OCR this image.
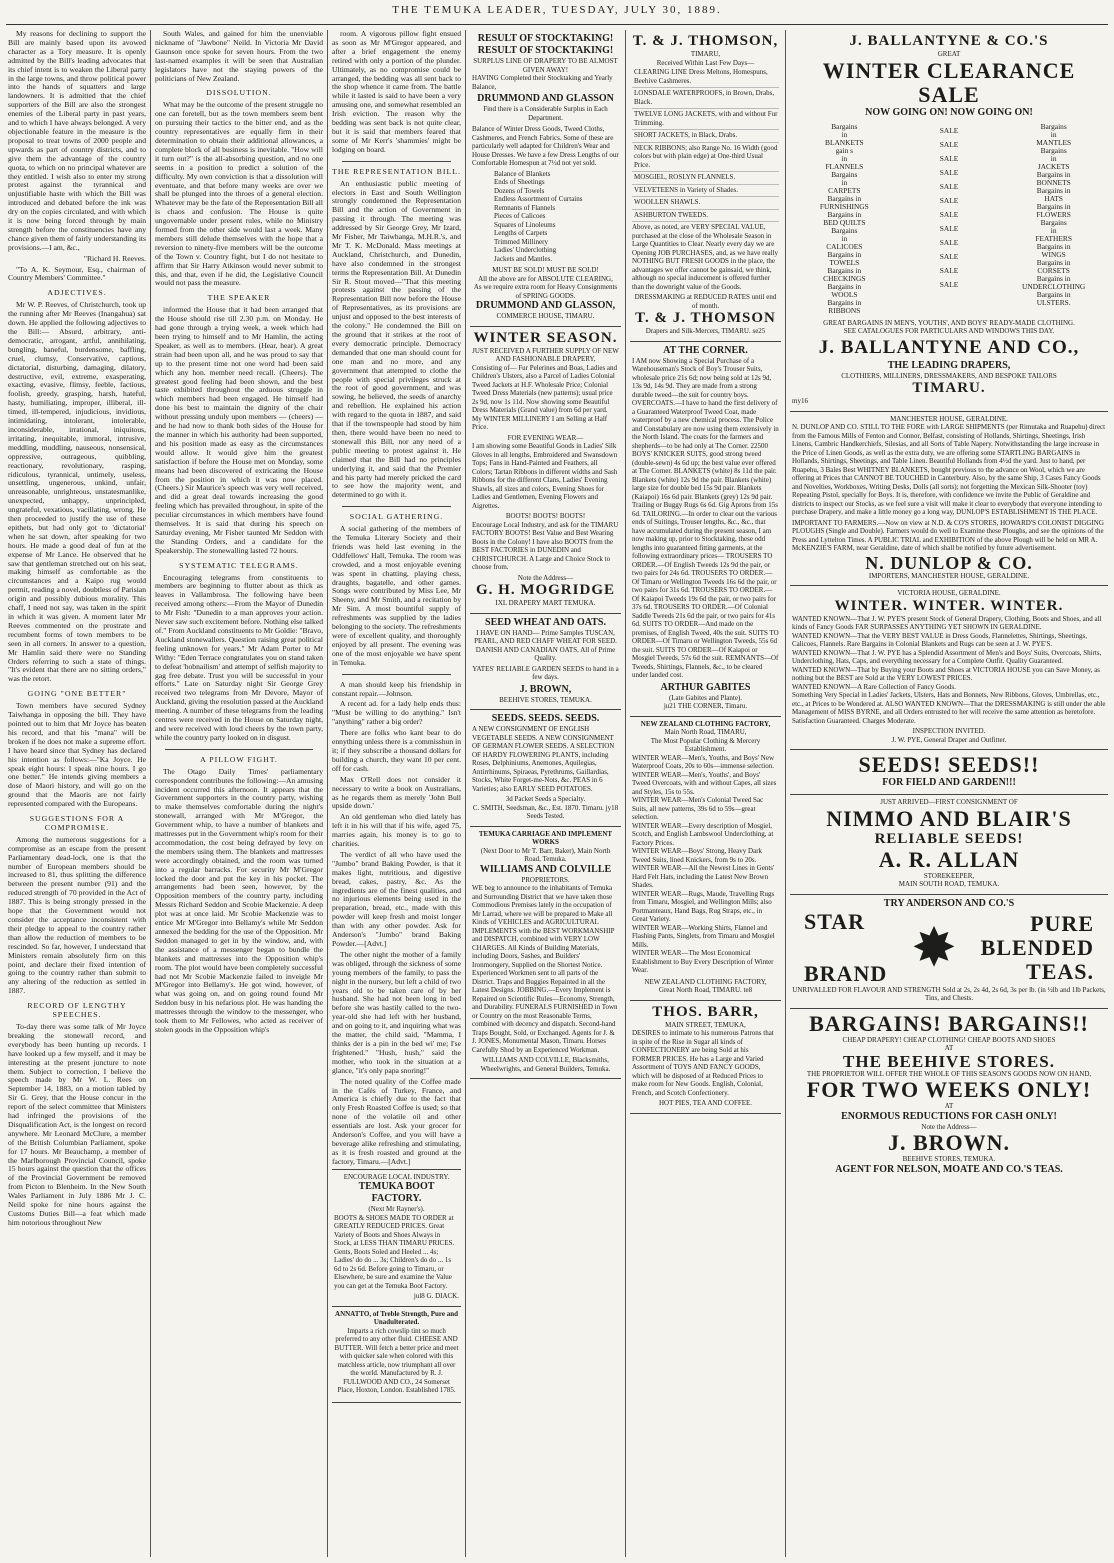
THE TEMUKA LEADER, TUESDAY, JULY 30, 1889.

My reasons for declining to support the Bill are mainly based upon its avowed character as a Tory measure. It is openly admitted by the Bill's leading advocates that its chief intent is to weaken the Liberal party in the large towns, and throw political power into the hands of squatters and large landowners. It is admitted that the chief supporters of the Bill are also the strongest enemies of the Liberal party in past years, and to which I have always belonged. A very objectionable feature in the measure is the proposal to treat towns of 2000 people and upwards as part of country districts, and to give them the advantage of the country quota, to which on no principal whatever are they entitled. I wish also to enter my strong protest against the tyrannical and unjustifiable haste with which the Bill was introduced and debated before the ink was dry on the copies circulated, and with which it is now being forced through by main strength before the constituencies have any chance given them of fairly understanding its provisions.—I am, &c.,

"Richard H. Reeves.

"To A. K. Seymour, Esq., chairman of Country Members' Committee."

ADJECTIVES.

Mr W. P. Reeves, of Christchurch, took up the running after Mr Reeves (Inangahua) sat down. He applied the following adjectives to the Bill:— Absurd, arbitrary, anti-democratic, arrogant, artful, annihilating, bungling, baneful, burdensome, baffling, cruel, clumsy, Conservative, captious, dictatorial, disturbing, damaging, dilatory, destructive, evil, extreme, exasperating, exacting, evasive, flimsy, feeble, factious, foolish, greedy, grasping, harsh, hateful, hasty, humiliating, improper, illiberal, ill-timed, ill-tempered, injudicious, invidious, intimidating, intolerant, intolerable, inconsiderable, irrational, iniquitous, irritating, inequitable, immoral, intrusive, meddling, muddling, nauseous, nonsensical, oppressive, outrageous, quibbling, reactionary, revolutionary, rasping, ridiculous, tyrannical, untimely, useless, unsettling, ungenerous, unkind, unfair, unreasonable, unrighteous, unstatesmanlike, unexpected, unhappy, unprincipled, ungrateful, vexatious, vacillating, wrong. He then proceeded to justify the use of these epithets, but had only got to 'dictatorial' when he sat down, after speaking for two hours. He made a good deal of fun at the expense of Mr Lance. He observed that he saw that gentleman stretched out on his seat, making himself as comfortable as the circumstances and a Kaipo rug would permit, reading a novel, doubtless of Parisian origin and possibly dubious morality. This chaff, I need not say, was taken in the spirit in which it was given. A moment later Mr Reeves commented on the prostrate and recumbent forms of town members to be seen in all corners. In answer to a question, Mr Hamlin said there were no Standing Orders referring to such a state of things. "It's evident that there are no sitting orders," was the retort.

GOING "ONE BETTER"

Town members have secured Sydney Taiwhanga in opposing the bill. They have pointed out to him that Mr Joyce has beaten his record, and that his "mana" will be broken if he does not make a supreme effort. I have heard since that Sydney has declared his intention as follows:—"Ka Joyce. He speak eight hours: I speak nine hours. I go one better." He intends giving members a dose of Maori history, and will go on the ground that the Maoris are not fairly represented compared with the Europeans.

SUGGESTIONS FOR A COMPROMISE.

Among the numerous suggestions for a compromise as an escape from the present Parliamentary dead-lock, one is that the number of European members should be increased to 81, thus splitting the difference between the present number (91) and the reduced strength of 70 provided in the Act of 1887. This is being strongly pressed in the hope that the Government would not consider the acceptance inconsistent with their pledge to appeal to the country rather than allow the reduction of members to be rescinded. So far, however, I understand that Ministers remain absolutely firm on this point, and declare their fixed intention of going to the country rather than submit to any altering of the reduction as settled in 1887.

RECORD OF LENGTHY SPEECHES.

To-day there was some talk of Mr Joyce breaking the stonewall record, and everybody has been hunting up records. I have looked up a few myself, and it may be interesting at the present juncture to note them. Subject to correction, I believe the speech made by Mr W. L. Rees on September 14, 1883, on a motion tabled by Sir G. Grey, that the House concur in the report of the select committee that Ministers had infringed the provisions of the Disqualification Act, is the longest on record anywhere. Mr Leonard McClure, a member of the British Columbian Parliament, spoke for 17 hours. Mr Beauchamp, a member of the Marlborough Provincial Council, spoke 15 hours against the question that the offices of the Provincial Government be removed from Picton to Blenheim. In the New South Wales Parliament in July 1886 Mr J. C. Neild spoke for nine hours against the Customs Duties Bill—a feat which made him notorious throughout New

South Wales, and gained for him the unenviable nickname of "Jawbone" Neild. In Victoria Mr David Gaunson once spoke for seven hours. From the two last-named examples it will be seen that Australian legislators have not the staying powers of the politicians of New Zealand.

DISSOLUTION.

What may be the outcome of the present struggle no one can foretell, but as the town members seem bent on pursuing their tactics to the bitter end, and as the country representatives are equally firm in their determination to obtain their additional allowances, a complete block of all business is inevitable. "How will it turn out?" is the all-absorbing question, and no one seems in a position to predict a solution of the difficulty. My own conviction is that a dissolution will eventuate, and that before many weeks are over we shall be plunged into the throes of a general election. Whatever may be the fate of the Representation Bill all is chaos and confusion. The House is quite ungovernable under present rules, while no Ministry formed from the other side would last a week. Many members still delude themselves with the hope that a reversion to ninety-five members will be the outcome of the Town v. Country fight, but I do not hesitate to affirm that Sir Harry Atkinson would never submit to this, and that, even if he did, the Legislative Council would not pass the measure.

THE SPEAKER

informed the House that it had been arranged that the House should rise till 2.30 p.m. on Monday. He had gone through a trying week, a week which had been trying to himself and to Mr Hamlin, the acting Speaker, as well as to members. (Hear, hear). A great strain had been upon all, and he was proud to say that up to the present time not one word had been said which any hon. member need recall. (Cheers). The greatest good feeling had been shown, and the best taste exhibited throughout the arduous struggle in which members had been engaged. He himself had done his best to maintain the dignity of the chair without pressing unduly upon members — (cheers) — and he had now to thank both sides of the House for the manner in which his authority had been supported, and his position made as easy as the circumstances would allow. It would give him the greatest satisfaction if before the House met on Monday, some means had been discovered of extricating the House from the position in which it was now placed. (Cheers.) Sir Maurice's speech was very well received, and did a great deal towards increasing the good feeling which has prevailed throughout, in spite of the peculiar circumstances in which members have found themselves. It is said that during his speech on Saturday evening, Mr Fisher taunted Mr Seddon with the Standing Orders, and a candidate for the Speakership. The stonewalling lasted 72 hours.

SYSTEMATIC TELEGRAMS.

Encouraging telegrams from constituents to members are beginning to flutter about as thick as leaves in Vallambrosa. The following have been received among others:—From the Mayor of Dunedin to Mr Fish: "Dunedin to a man approves your action. Never saw such excitement before. Nothing else talked of." From Auckland constituents to Mr Goldie: "Bravo, Auckland stonewallers. Question raising great political feeling unknown for years." Mr Adam Porter to Mr Withy: "Eden Terrace congratulates you on stand taken to defeat 'hobnailism' and attempt of selfish majority to gag free debate. Trust you will be successful in your efforts." Late on Saturday night Sir George Grey received two telegrams from Mr Devore, Mayor of Auckland, giving the resolution passed at the Auckland meeting. A number of these telegrams from the leading centres were received in the House on Saturday night, and were received with loud cheers by the town party, while the country party looked on in disgust.

A PILLOW FIGHT.

The Otago Daily Times' parliamentary correspondent contributes the following:—An amusing incident occurred this afternoon. It appears that the Government supporters in the country party, wishing to make themselves comfortable during the night's stonewall, arranged with Mr M'Gregor, the Government whip, to have a number of blankets and mattresses put in the Government whip's room for their accommodation, the cost being defrayed by levy on the members using them. The blankets and mattresses were accordingly obtained, and the room was turned into a regular barracks. For security Mr M'Gregor locked the door and put the key in his pocket. The arrangements had been seen, however, by the Opposition members of the country party, including Messrs Richard Seddon and Scobie Mackenzie. A deep plot was at once laid. Mr Scobie Mackenzie was to entice Mr M'Gregor into Bellamy's while Mr Seddon annexed the bedding for the use of the Opposition. Mr Seddon managed to get in by the window, and, with the assistance of a messenger began to bundle the blankets and mattresses into the Opposition whip's room. The plot would have been completely successful had not Mr Scobie Mackenzie failed to inveigle Mr M'Gregor into Bellamy's. He got wind, however, of what was going on, and on going round found Mr Seddon busy in his nefarious plot. He was handing the mattresses through the window to the messenger, who took them to Mr Fellowes, who acted as receiver of stolen goods in the Opposition whip's

room. A vigorous pillow fight ensued as soon as Mr M'Gregor appeared, and after a brief engagement the enemy retired with only a portion of the plunder. Ultimately, as no compromise could be arranged, the bedding was all sent back to the shop whence it came from. The battle while it lasted is said to have been a very amusing one, and somewhat resembled an Irish eviction. The reason why the bedding was sent back is not quite clear, but it is said that members feared that some of Mr Kerr's 'shammies' might be lodging on board.

THE REPRESENTATION BILL.

An enthusiastic public meeting of electors in East and South Wellington strongly condemned the Representation Bill and the action of Government in passing it through. The meeting was addressed by Sir George Grey, Mr Izard, Mr Fisher, Mr Taiwhanga, M.H.R.'s, and Mr T. K. McDonald. Mass meetings at Auckland, Christchurch, and Dunedin, have also condemned in the strongest terms the Representation Bill. At Dunedin Sir R. Stout moved—"That this meeting protests against the passing of the Representation Bill now before the House of Representatives, as its provisions are unjust and opposed to the best interests of the colony." He condemned the Bill on the ground that it strikes at the root of every democratic principle. Democracy demanded that one man should count for one man and no more, and any government that attempted to clothe the people with special privileges struck at the root of good government, and was sowing, he believed, the seeds of anarchy and rebellion. He explained his action with regard to the quota in 1887, and said that if the townspeople had stood by him then, there would have been no need to stonewall this Bill, nor any need of a public meeting to protest against it. He claimed that the Bill had no principles underlying it, and said that the Premier and his party had merely pricked the card to see how the majority went, and determined to go with it.

SOCIAL GATHERING.

A social gathering of the members of the Temuka Literary Society and their friends was held last evening in the Oddfellows' Hall, Temuka. The room was crowded, and a most enjoyable evening was spent in chatting, playing chess, draughts, bagatelle, and other games. Songs were contributed by Miss Lee, Mr Sheeny, and Mr Smith, and a recitation by Mr Sim. A most bountiful supply of refreshments was supplied by the ladies belonging to the society. The refreshments were of excellent quality, and thoroughly enjoyed by all present. The evening was one of the most enjoyable we have spent in Temuka.

A man should keep his friendship in constant repair.—Johnson.

A recent ad. for a lady help ends thus: "Must be willing to do anything." Isn't "anything" rather a big order?

There are folks who kant bear to do ennything unless there is a commisshun in it; if they subscribe a thousand dollars for building a church, they want 10 per cent. off for cash.

Max O'Rell does not consider it necessary to write a book on Australians, as he regards them as merely 'John Bull upside down.'

An old gentleman who died lately has left it in his will that if his wife, aged 75, marries again, his money is to go to charities.

The verdict of all who have used the "Jumbo" brand Baking Powder, is that it makes light, nutritious, and digestive bread, cakes, pastry, &c. As the ingredients are of the finest qualities, and no injurious elements being used in the preparation, bread, etc., made with this powder will keep fresh and moist longer than with any other powder. Ask for Anderson's "Jumbo" brand Baking Powder.—[Advt.]

The other night the mother of a family was obliged, through the sickness of some young members of the family, to pass the night in the nursery, but left a child of two years old to be taken care of by her husband. She had not been long in bed before she was hastily called to the two-year-old she had left with her husband, and on going to it, and inquiring what was the matter, the child said, "Mamma, I thinks der is a pin in the bed wi' me; I'se frightened." "Hush, hush," said the mother, who took in the situation at a glance, "it's only papa snoring!"

The noted quality of the Coffee made in the Cafés of Turkey, France, and America is chiefly due to the fact that only Fresh Roasted Coffee is used; so that none of the volatile oil and other essentials are lost. Ask your grocer for Anderson's Coffee, and you will have a beverage alike refreshing and stimulating, as it is fresh roasted and ground at the factory, Timaru.—[Advt.]

ENCOURAGE LOCAL INDUSTRY.
TEMUKA BOOT FACTORY.
(Next Mr Rayner's).

BOOTS & SHOES MADE TO ORDER at GREATLY REDUCED PRICES. Great Variety of Boots and Shoes Always in Stock, at LESS THAN TIMARU PRICES. Gents, Boots Soled and Heeled ... 4s; Ladies' do do ... 3s; Children's do do ... 1s 6d to 2s 6d. Before going to Timaru, or Elsewhere, be sure and examine the Value you can get at the Temuka Boot Factory.

jul8 G. DIACK.
ANNATTO, of Treble Strength, Pure and Unadulterated.

Imparts a rich cowslip tint so much preferred to any other fluid. CHEESE AND BUTTER. Will fetch a better price and meet with quicker sale when colored with this matchless article, now triumphant all over the world. Manufactured by R. J. FULLWOOD AND CO., 24 Somerset Place, Hoxton, London. Established 1785.

RESULT OF STOCKTAKING!
RESULT OF STOCKTAKING!
SURPLUS LINE OF DRAPERY TO BE ALMOST GIVEN AWAY!

HAVING Completed their Stocktaking and Yearly Balance,

DRUMMOND AND GLASSON
Find there is a Considerable Surplus in Each Department.

Balance of Winter Dress Goods, Tweed Cloths, Cashmeres, and French Fabrics. Some of these are particularly well adapted for Children's Wear and House Dresses. We have a few Dress Lengths of our Comfortable Homespun at 7½d not yet sold.

Balance of Blankets
Ends of Sheetings
Dozens of Towels
Endless Assortment of Curtains
Remnants of Flannels
Pieces of Calicoes
Squares of Linoleums
Lengths of Carpets
Trimmed Millinery
Ladies' Underclothing
Jackets and Mantles.
MUST BE SOLD! MUST BE SOLD!
All the above are for ABSOLUTE CLEARING,
As we require extra room for Heavy Consignments of SPRING GOODS.
DRUMMOND AND GLASSON,
COMMERCE HOUSE, TIMARU.
WINTER SEASON.
JUST RECEIVED A FURTHER SUPPLY OF NEW AND FASHIONABLE DRAPERY,

Consisting of— Fur Pelerines and Boas, Ladies and Children's Ulsters, also a Parcel of Ladies Colonial Tweed Jackets at H.F. Wholesale Price; Colonial Tweed Dress Materials (new patterns); usual price 2s 9d, now 1s 11d. Now showing some Beautiful Dress Materials (Grand value) from 6d per yard. My WINTER MILLINERY I am Selling at Half Price.

FOR EVENING WEAR—

I am showing some Beautiful Goods in Ladies' Silk Gloves in all lengths, Embroidered and Swansdown Tops; Fans in Hand-Painted and Feathers, all Colors; Tartan Ribbons in different widths and Sash Ribbons for the different Clans, Ladies' Evening Shawls, all sizes and colors, Evening Shoes for Ladies and Gentlemen, Evening Flowers and Aigrettes.

BOOTS! BOOTS! BOOTS!

Encourage Local Industry, and ask for the TIMARU FACTORY BOOTS! Best Value and Best Wearing Boots in the Colony! I have also BOOTS from the BEST FACTORIES in DUNEDIN and CHRISTCHURCH. A Large and Choice Stock to choose from.

Note the Address—
G. H. MOGRIDGE
IXL DRAPERY MART TEMUKA.
SEED WHEAT AND OATS.

I HAVE ON HAND— Prime Samples TUSCAN, PEARL, AND RED CHAFF WHEAT FOR SEED. DANISH AND CANADIAN OATS, All of Prime Quality.

YATES' RELIABLE GARDEN SEEDS to hand in a few days.

J. BROWN,
BEEHIVE STORES, TEMUKA.
SEEDS. SEEDS. SEEDS.

A NEW CONSIGNMENT OF ENGLISH VEGETABLE SEEDS. A NEW CONSIGNMENT OF GERMAN FLOWER SEEDS. A SELECTION OF HARDY FLOWERING PLANTS, including Roses, Delphiniums, Anemones, Aquilegias, Antirrhinums, Spiraeas, Pyrethrums, Gaillardias, Stocks, White Forget-me-Nots, &c. PEAS in 6 Varieties; also EARLY SEED POTATOES.

3d Packet Seeds a Specialty.
C. SMITH, Seedsman, &c., Est. 1870. Timaru. jy18 Seeds Tested.
TEMUKA CARRIAGE AND IMPLEMENT WORKS
(Next Door to Mr T. Barr, Baker), Main North Road, Temuka.
WILLIAMS AND COLVILLE
PROPRIETORS.

WE beg to announce to the inhabitants of Temuka and Surrounding District that we have taken those Commodious Premises lately in the occupation of Mr Larrad, where we will be prepared to Make all Kinds of VEHICLES and AGRICULTURAL IMPLEMENTS with the BEST WORKMANSHIP and DISPATCH, combined with VERY LOW CHARGES. All Kinds of Building Materials, including Doors, Sashes, and Builders' Ironmongery, Supplied on the Shortest Notice. Experienced Workmen sent to all parts of the District. Traps and Buggies Repainted in all the Latest Designs. JOBBING.—Every Implement is Repaired on Scientific Rules—Economy, Strength, and Durability. FUNERALS FURNISHED in Town or Country on the most Reasonable Terms, combined with decency and dispatch. Second-hand Traps Bought, Sold, or Exchanged. Agents for J. & J. JONES, Monumental Mason, Timaru. Horses Carefully Shod by an Experienced Workman.

WILLIAMS AND COLVILLE, Blacksmiths, Wheelwrights, and General Builders, Temuka.
T. & J. THOMSON,
TIMARU,
Received Within Last Few Days—
CLEARING LINE Dress Meltons, Homespuns, Beehive Cashmeres.
LONSDALE WATERPROOFS, in Brown, Drabs, Black.
TWELVE LONG JACKETS, with and without Fur Trimming.
SHORT JACKETS, in Black, Drabs.
NECK RIBBONS; also Range No. 16 Width (good colors but with plain edge) at One-third Usual Price.
MOSGIEL, ROSLYN FLANNELS.
VELVETEENS in Variety of Shades.
WOOLLEN SHAWLS.
ASHBURTON TWEEDS.

Above, as noted, are VERY SPECIAL VALUE, purchased at the close of the Wholesale Season in Large Quantities to Clear. Nearly every day we are Opening JOB PURCHASES, and, as we have really NOTHING BUT FRESH GOODS in the place, the advantages we offer cannot be gainsaid, we think, although no special inducement is offered further than the downright value of the Goods.

DRESSMAKING at REDUCED RATES until end of month.
T. & J. THOMSON
Drapers and Silk-Mercers, TIMARU. se25
AT THE CORNER.

I AM now Showing a Special Purchase of a Warehouseman's Stock of Boy's Trouser Suits, wholesale price 21s 6d; now being sold at 12s 9d, 13s 9d, 14s 9d. They are made from a strong durable tweed—the suit for country boys. OVERCOATS.—I have to hand the first delivery of a Guaranteed Waterproof Tweed Coat, made waterproof by a new chemical process. The Police and Constabulary are now using them extensively in the North Island. The coats for the farmers and shepherds—to be had only at The Corner. 22500 BOYS' KNICKER SUITS, good strong tweed (double-sewn) 4s 6d up; the best value ever offered at The Corner. BLANKETS (white) 8s 11d the pair. Blankets (white) 12s 9d the pair. Blankets (white) large size for double bed 15s 9d pair. Blankets (Kaiapoi) 16s 6d pair. Blankets (grey) 12s 9d pair. Trailing or Buggy Rugs 6s 6d. Gig Aprons from 15s 6d. TAILORING.—In order to clear out the various ends of Suitings, Trouser lengths, &c., &c., that have accumulated during the present season, I am now making up, prior to Stocktaking, these odd lengths into guaranteed fitting garments, at the following extraordinary prices— TROUSERS TO ORDER.—Of English Tweeds 12s 9d the pair, or two pairs for 24s 6d. TROUSERS TO ORDER.—Of Timaru or Wellington Tweeds 16s 6d the pair, or two pairs for 31s 6d. TROUSERS TO ORDER.—Of Kaiapoi Tweeds 19s 6d the pair, or two pairs for 37s 6d. TROUSERS TO ORDER.—Of Colonial Saddle Tweeds 21s 6d the pair, or two pairs for 41s 6d. SUITS TO ORDER—And made on the premises, of English Tweed, 40s the suit. SUITS TO ORDER—Of Timaru or Wellington Tweeds, 55s 6d the suit. SUITS TO ORDER—Of Kaiapoi or Mosgiel Tweeds, 57s 6d the suit. REMNANTS—Of Tweeds, Shirtings, Flannels, &c., to be cleared under landed cost.

ARTHUR GABITES
(Late Gabites and Plante).
ju21 THE CORNER, Timaru.
NEW ZEALAND CLOTHING FACTORY,
Main North Road, TIMARU,
The Most Popular Clothing & Mercery Establishment.
WINTER WEAR—Men's, Youths, and Boys' New Waterproof Coats, 20s to 60s—immense selection.
WINTER WEAR—Men's, Youths', and Boys' Tweed Overcoats, with and without Capes, all sizes and Styles, 15s to 55s.
WINTER WEAR—Men's Colonial Tweed Sac Suits, all new patterns, 39s 6d to 59s—great selection.
WINTER WEAR—Every description of Mosgiel, Scotch, and English Lambswool Underclothing, at Factory Prices.
WINTER WEAR—Boys' Strong, Heavy Dark Tweed Suits, lined Knickers, from 9s to 20s.
WINTER WEAR—All the Newest Lines in Gents' Hard Felt Hats, including the Latest New Brown Shades.
WINTER WEAR—Rugs, Maude, Travelling Rugs from Timaru, Mosgiel, and Wellington Mills; also Portmanteaux, Hand Bags, Rug Straps, etc., in Great Variety.
WINTER WEAR—Working Shirts, Flannel and Flashing Pants, Singlets, from Timaru and Mosgiel Mills.
WINTER WEAR—The Most Economical Establishment to Buy Every Description of Winter Wear.
NEW ZEALAND CLOTHING FACTORY,
Great North Road, TIMARU. te8
THOS. BARR,
MAIN STREET, TEMUKA,

DESIRES to intimate to his numerous Patrons that in spite of the Rise in Sugar all kinds of CONFECTIONERY are being Sold at his FORMER PRICES. He has a Large and Varied Assortment of TOYS AND FANCY GOODS, which will be disposed of at Reduced Prices to make room for New Goods. English, Colonial, French, and Scotch Confectionery.

HOT PIES, TEA AND COFFEE.
J. BALLANTYNE & CO.'S
GREAT
WINTER CLEARANCE SALE
NOW GOING ON! NOW GOING ON!
Bargains
in
BLANKETS
gain s
in
FLANNELS
Bargains
in
CARPETS
Bargains in
FURNISHINGS
Bargains in
BED QUILTS
Bargains
in
CALICOES
Bargains in
TOWELS
Bargains in
CHECKINGS
Bargains in
WOOLS
Bargains in
RIBBONS
SALE
SALE
SALE
SALE
SALE
SALE
SALE
SALE
SALE
SALE
SALE
SALE
Bargains
in
MANTLES
Bargains
in
JACKETS
Bargains in
BONNETS
Bargains in
HATS
Bargains in
FLOWERS
Bargains
in
FEATHERS
Bargains in
WINGS
Bargains in
CORSETS
Bargains in
UNDERCLOTHING
Bargains in
ULSTERS.
GREAT BARGAINS IN MEN'S, YOUTHS', AND BOYS' READY-MADE CLOTHING.
SEE CATALOGUES FOR PARTICULARS AND WINDOWS THIS DAY.
J. BALLANTYNE AND CO.,
THE LEADING DRAPERS,
CLOTHIERS, MILLINERS, DRESSMAKERS, AND BESPOKE TAILORS
TIMARU.
my16
MANCHESTER HOUSE, GERALDINE.

N. DUNLOP AND CO. STILL TO THE FORE with LARGE SHIPMENTS (per Rimutaka and Ruapehu) direct from the Famous Mills of Fenton and Connor, Belfast, consisting of Hollands, Shirtings, Sheetings, Irish Linens, Cambric Handkerchiefs, Silesias, and all Sorts of Table Napery. Notwithstanding the large increase in the Price of Linen Goods, as well as the extra duty, we are offering some STARTLING BARGAINS in Hollands, Shirtings, Sheetings, and Table Linen. Beautiful Hollands from 4½d the yard. Just to hand, per Ruapehu, 3 Bales Best WHITNEY BLANKETS, bought previous to the advance on Wool, which we are offering at Prices that CANNOT BE TOUCHED in Canterbury. Also, by the same Ship, 3 Cases Fancy Goods and Novelties, Workboxes, Writing Desks, Dolls (all sorts); not forgetting the Mexican Silk-Shooter (toy) Repeating Pistol, specially for Boys. It is, therefore, with confidence we invite the Public of Geraldine and districts to inspect our Stocks, as we feel sure a visit will make it clear to everybody that everyone intending to purchase Drapery, and make a little money go a long way, DUNLOP'S ESTABLISHMENT IS THE PLACE.

IMPORTANT TO FARMERS.—Now on view at N.D. & CO'S STORES, HOWARD'S COLONIST DIGGING PLOUGHS (Single and Double). Farmers would do well to Examine these Ploughs, and see the opinions of the Press and Lyttelton Times. A PUBLIC TRIAL and EXHIBITION of the above Plough will be held on MR A. McKENZIE'S FARM, near Geraldine, date of which shall be notified by future advertisement.

N. DUNLOP & CO.
IMPORTERS, MANCHESTER HOUSE, GERALDINE.
VICTORIA HOUSE, GERALDINE.
WINTER. WINTER. WINTER.
WANTED KNOWN—That J. W. PYE'S present Stock of General Drapery, Clothing, Boots and Shoes, and all kinds of Fancy Goods FAR SURPASSES ANYTHING YET SHOWN IN GERALDINE.
WANTED KNOWN—That the VERY BEST VALUE in Dress Goods, Flannelettes, Shirtings, Sheetings, Calicoes, Flannels. Rare Bargains in Colonial Blankets and Rugs can be seen at J. W. PYE'S.
WANTED KNOWN—That J. W. PYE has a Splendid Assortment of Men's and Boys' Suits, Overcoats, Shirts, Underclothing, Hats, Caps, and everything necessary for a Complete Outfit. Quality Guaranteed.
WANTED KNOWN—That by Buying your Boots and Shoes at VICTORIA HOUSE you can Save Money, as nothing but the BEST are Sold at the VERY LOWEST PRICES.
WANTED KNOWN—A Rare Collection of Fancy Goods.

Something Very Special in Ladies' Jackets, Ulsters, Hats and Bonnets, New Ribbons, Gloves, Umbrellas, etc., etc., at Prices to be Wondered at. ALSO WANTED KNOWN—That the DRESSMAKING is still under the able Management of MISS BYRNE, and all Orders entrusted to her will receive the same attention as heretofore. Satisfaction Guaranteed. Charges Moderate.

INSPECTION INVITED.
J. W. PYE, General Draper and Outfitter.
SEEDS! SEEDS!!
FOR FIELD AND GARDEN!!!
JUST ARRIVED—FIRST CONSIGNMENT OF
NIMMO AND BLAIR'S
RELIABLE SEEDS!
A. R. ALLAN
STOREKEEPER,
MAIN SOUTH ROAD, TEMUKA.
TRY ANDERSON AND CO.'S
STAR
BRAND ✸	PURE
BLENDED
TEAS.
UNRIVALLED FOR FLAVOUR AND STRENGTH Sold at 2s, 2s 4d, 2s 6d, 3s per lb. (in ½lb and 1lb Packets, Tins, and Chests.
BARGAINS! BARGAINS!!
CHEAP DRAPERY! CHEAP CLOTHING! CHEAP BOOTS AND SHOES
AT
THE BEEHIVE STORES.
THE PROPRIETOR WILL OFFER THE WHOLE OF THIS SEASON'S GOODS NOW ON HAND,
FOR TWO WEEKS ONLY!
AT
ENORMOUS REDUCTIONS FOR CASH ONLY!
Note the Address—
J. BROWN.
BEEHIVE STORES, TEMUKA.
AGENT FOR NELSON, MOATE AND CO.'S TEAS.
